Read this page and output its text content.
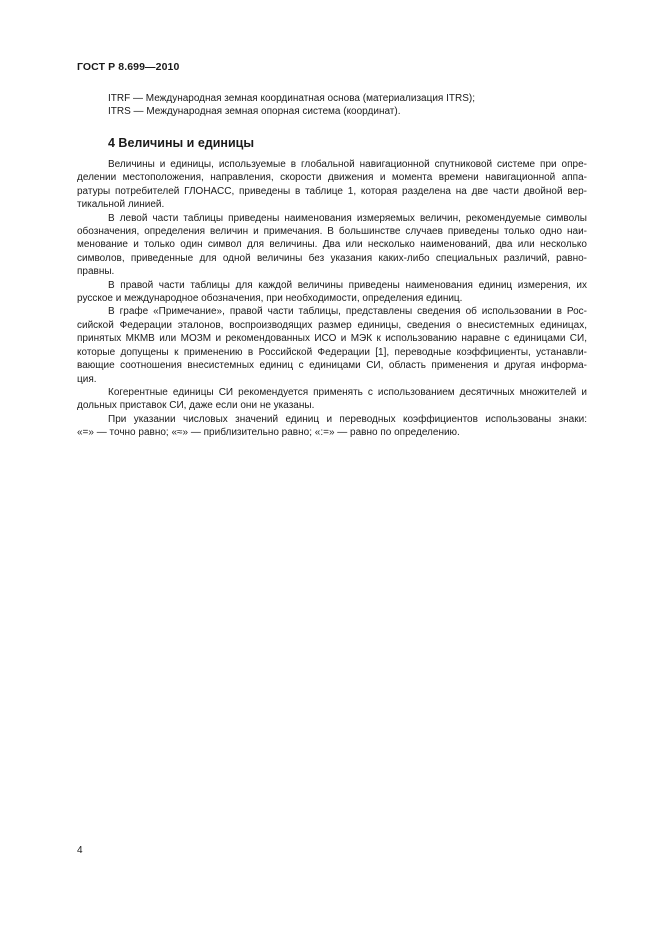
ГОСТ Р 8.699—2010
ITRF — Международная земная координатная основа (материализация ITRS);
ITRS — Международная земная опорная система (координат).
4 Величины и единицы

Величины и единицы, используемые в глобальной навигационной спутниковой системе при опре-
делении местоположения, направления, скорости движения и момента времени навигационной аппа-
ратуры потребителей ГЛОНАСС, приведены в таблице 1, которая разделена на две части двойной вер-
тикальной линией.

В левой части таблицы приведены наименования измеряемых величин, рекомендуемые символы
обозначения, определения величин и примечания. В большинстве случаев приведены только одно наи-
менование и только один символ для величины. Два или несколько наименований, два или несколько
символов, приведенные для одной величины без указания каких-либо специальных различий, равно-
правны.

В правой части таблицы для каждой величины приведены наименования единиц измерения, их
русское и международное обозначения, при необходимости, определения единиц.

В графе «Примечание», правой части таблицы, представлены сведения об использовании в Рос-
сийской Федерации эталонов, воспроизводящих размер единицы, сведения о внесистемных единицах,
принятых МКМВ или МОЗМ и рекомендованных ИСО и МЭК к использованию наравне с единицами СИ,
которые допущены к применению в Российской Федерации [1], переводные коэффициенты, устанавли-
вающие соотношения внесистемных единиц с единицами СИ, область применения и другая информа-
ция.

Когерентные единицы СИ рекомендуется применять с использованием десятичных множителей и
дольных приставок СИ, даже если они не указаны.

При указании числовых значений единиц и переводных коэффициентов использованы знаки:
«=» — точно равно; «≈» — приблизительно равно; «:=» — равно по определению.

4
